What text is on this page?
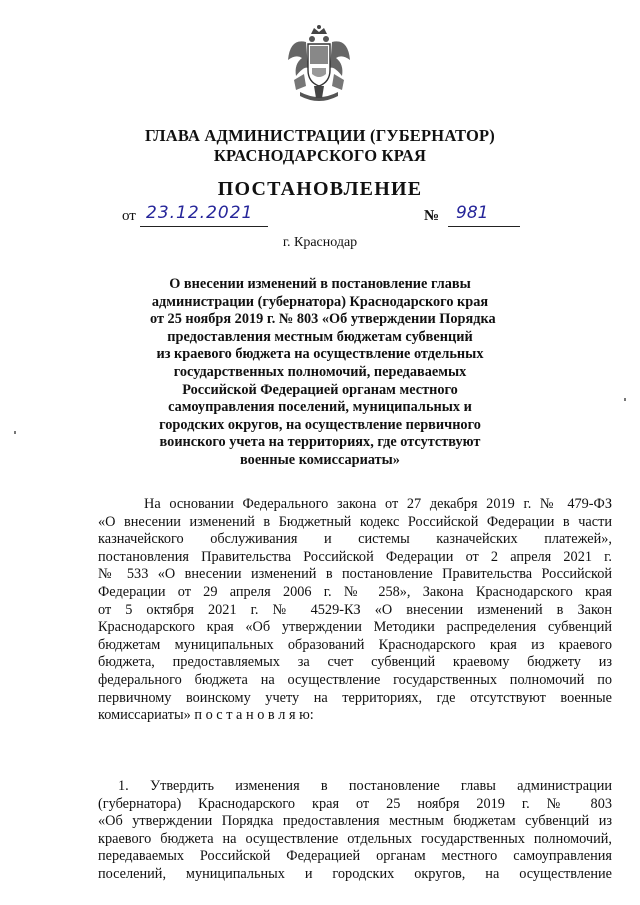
ГЛАВА АДМИНИСТРАЦИИ (ГУБЕРНАТОР)
КРАСНОДАРСКОГО КРАЯ
ПОСТАНОВЛЕНИЕ
от 23.12.2021	№ 981
г. Краснодар
О внесении изменений в постановление главы
администрации (губернатора) Краснодарского края
от 25 ноября 2019 г. № 803 «Об утверждении Порядка
предоставления местным бюджетам субвенций
из краевого бюджета на осуществление отдельных
государственных полномочий, передаваемых
Российской Федерацией органам местного
самоуправления поселений, муниципальных и
городских округов, на осуществление первичного
воинского учета на территориях, где отсутствуют
военные комиссариаты»
На основании Федерального закона от 27 декабря 2019 г. № 479-ФЗ
«О внесении изменений в Бюджетный кодекс Российской Федерации в части
казначейского обслуживания и системы казначейских платежей»,
постановления Правительства Российской Федерации от 2 апреля 2021 г.
№ 533 «О внесении изменений в постановление Правительства Российской
Федерации от 29 апреля 2006 г. № 258», Закона Краснодарского края
от 5 октября 2021 г. № 4529-КЗ «О внесении изменений в Закон
Краснодарского края «Об утверждении Методики распределения субвенций
бюджетам муниципальных образований Краснодарского края из краевого
бюджета, предоставляемых за счет субвенций краевому бюджету из
федерального бюджета на осуществление государственных полномочий по
первичному воинскому учету на территориях, где отсутствуют военные
комиссариаты» п о с т а н о в л я ю:
1. Утвердить изменения в постановление главы администрации
(губернатора) Краснодарского края от 25 ноября 2019 г. № 803
«Об утверждении Порядка предоставления местным бюджетам субвенций из
краевого бюджета на осуществление отдельных государственных полномочий,
передаваемых Российской Федерацией органам местного самоуправления
поселений, муниципальных и городских округов, на осуществление
